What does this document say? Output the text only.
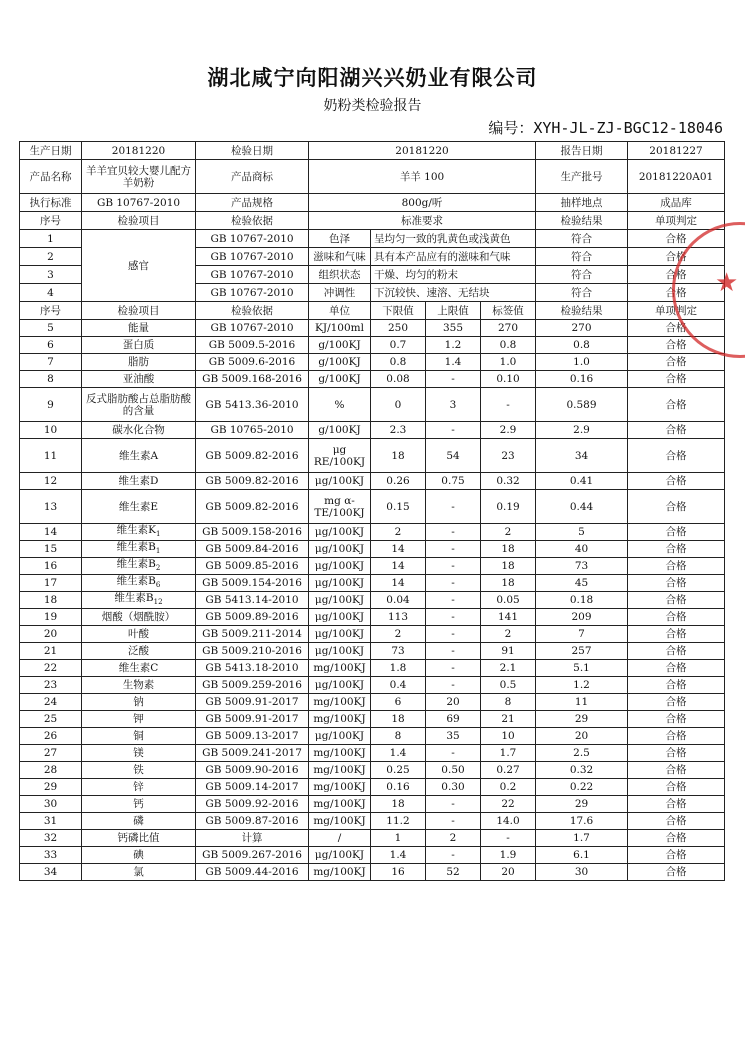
湖北咸宁向阳湖兴兴奶业有限公司
奶粉类检验报告
编号：XYH-JL-ZJ-BGC12-18046
生产日期	20181220	检验日期	20181220				报告日期	20181227
产品名称	羊羊宜贝较大婴儿配方羊奶粉	产品商标	羊羊 100				生产批号	20181220A01
执行标准	GB 10767-2010	产品规格	800g/听				抽样地点	成品库
序号	检验项目	检验依据	标准要求				检验结果	单项判定
1	感官	GB 10767-2010	色泽	呈均匀一致的乳黄色或浅黄色			符合	合格
2		GB 10767-2010	滋味和气味	具有本产品应有的滋味和气味			符合	合格
3		GB 10767-2010	组织状态	干燥、均匀的粉末			符合	合格
4		GB 10767-2010	冲调性	下沉较快、速溶、无结块			符合	合格
序号	检验项目	检验依据	单位	下限值	上限值	标签值	检验结果	单项判定
5	能量	GB 10767-2010	KJ/100ml	250	355	270	270	合格
6	蛋白质	GB 5009.5-2016	g/100KJ	0.7	1.2	0.8	0.8	合格
7	脂肪	GB 5009.6-2016	g/100KJ	0.8	1.4	1.0	1.0	合格
8	亚油酸	GB 5009.168-2016	g/100KJ	0.08	-	0.10	0.16	合格
9	反式脂肪酸占总脂肪酸的含量	GB 5413.36-2010	%	0	3	-	0.589	合格
10	碳水化合物	GB 10765-2010	g/100KJ	2.3	-	2.9	2.9	合格
11	维生素A	GB 5009.82-2016	μg RE/100KJ	18	54	23	34	合格
12	维生素D	GB 5009.82-2016	μg/100KJ	0.26	0.75	0.32	0.41	合格
13	维生素E	GB 5009.82-2016	mg α-TE/100KJ	0.15	-	0.19	0.44	合格
14	维生素$K_1$	GB 5009.158-2016	μg/100KJ	2	-	2	5	合格
15	维生素$B_1$	GB 5009.84-2016	μg/100KJ	14	-	18	40	合格
16	维生素$B_2$	GB 5009.85-2016	μg/100KJ	14	-	18	73	合格
17	维生素$B_6$	GB 5009.154-2016	μg/100KJ	14	-	18	45	合格
18	维生素$B_{12}$	GB 5413.14-2010	μg/100KJ	0.04	-	0.05	0.18	合格
19	烟酸（烟酰胺）	GB 5009.89-2016	μg/100KJ	113	-	141	209	合格
20	叶酸	GB 5009.211-2014	μg/100KJ	2	-	2	7	合格
21	泛酸	GB 5009.210-2016	μg/100KJ	73	-	91	257	合格
22	维生素C	GB 5413.18-2010	mg/100KJ	1.8	-	2.1	5.1	合格
23	生物素	GB 5009.259-2016	μg/100KJ	0.4	-	0.5	1.2	合格
24	钠	GB 5009.91-2017	mg/100KJ	6	20	8	11	合格
25	钾	GB 5009.91-2017	mg/100KJ	18	69	21	29	合格
26	铜	GB 5009.13-2017	μg/100KJ	8	35	10	20	合格
27	镁	GB 5009.241-2017	mg/100KJ	1.4	-	1.7	2.5	合格
28	铁	GB 5009.90-2016	mg/100KJ	0.25	0.50	0.27	0.32	合格
29	锌	GB 5009.14-2017	mg/100KJ	0.16	0.30	0.2	0.22	合格
30	钙	GB 5009.92-2016	mg/100KJ	18	-	22	29	合格
31	磷	GB 5009.87-2016	mg/100KJ	11.2	-	14.0	17.6	合格
32	钙磷比值	计算	/	1	2	-	1.7	合格
33	碘	GB 5009.267-2016	μg/100KJ	1.4	-	1.9	6.1	合格
34	氯	GB 5009.44-2016	mg/100KJ	16	52	20	30	合格
★
